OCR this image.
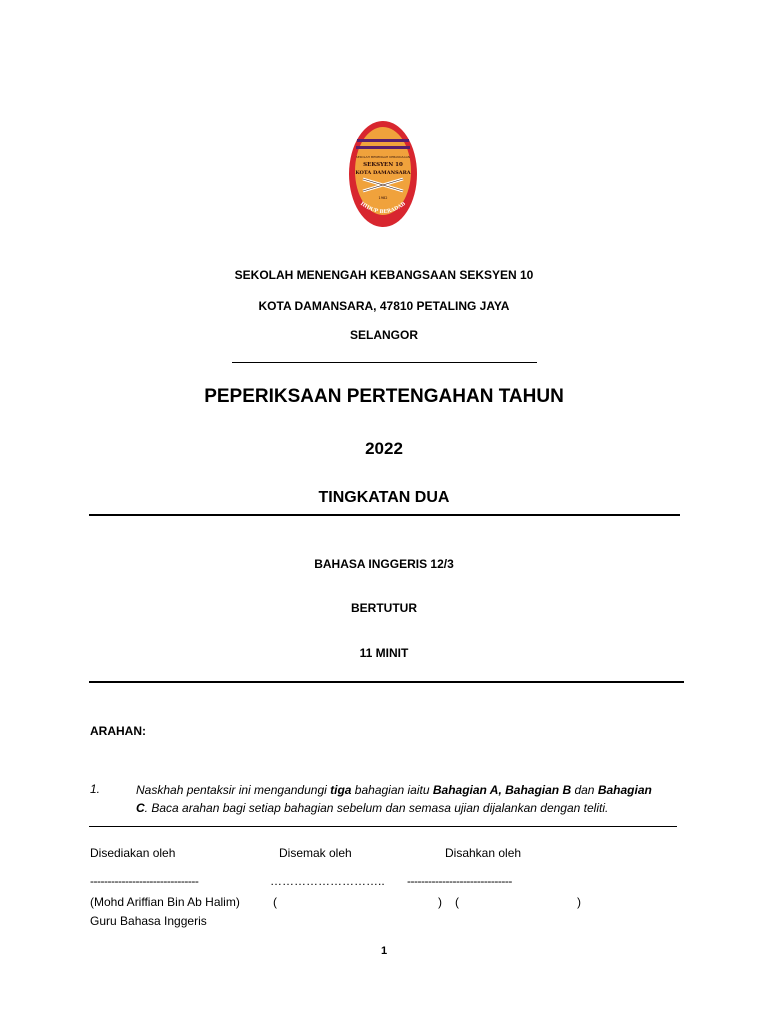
SEKOLAH MENENGAH KEBANGSAAN
SEKSYEN 10
KOTA DAMANSARA
1982
HIDUP BERADAB
SEKOLAH MENENGAH KEBANGSAAN SEKSYEN 10
KOTA DAMANSARA, 47810 PETALING JAYA
SELANGOR
PEPERIKSAAN PERTENGAHAN TAHUN
2022
TINGKATAN DUA
BAHASA INGGERIS 12/3
BERTUTUR
11 MINIT
ARAHAN:
1.	Naskhah pentaksir ini mengandungi tiga bahagian iaitu Bahagian A, Bahagian B dan Bahagian
C. Baca arahan bagi setiap bahagian sebelum dan semasa ujian dijalankan dengan teliti.
Disediakan oleh	Disemak oleh	Disahkan oleh
-------------------------------	……………………….. ------------------------------
(Mohd Ariffian Bin Ab Halim)	(	) (	)
Guru Bahasa Inggeris
1
